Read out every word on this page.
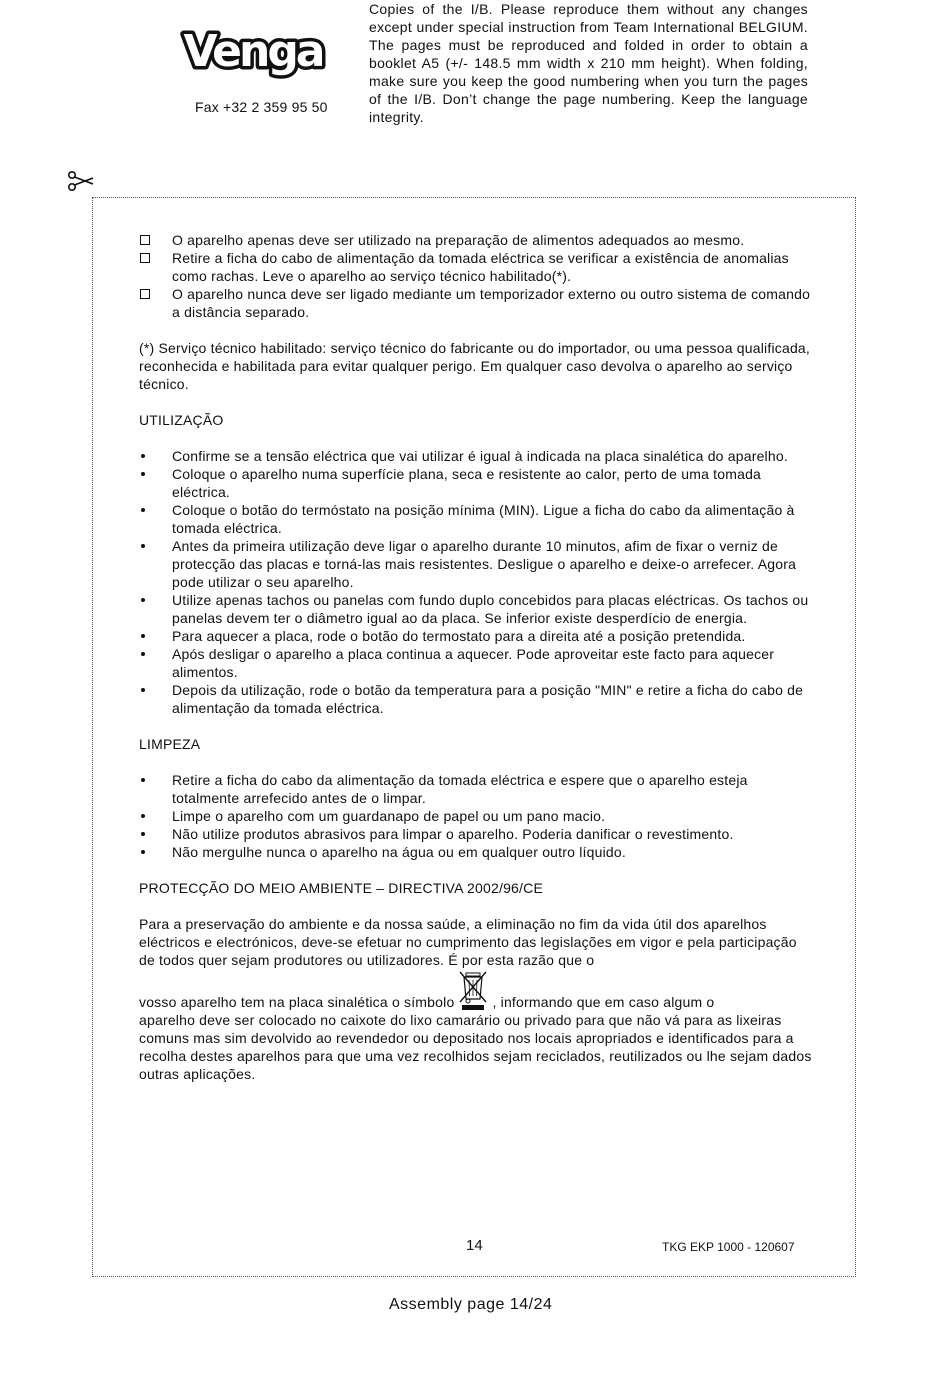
Venga
Fax +32 2 359 95 50
Copies of the I/B. Please reproduce them without any changes except under special instruction from Team International BELGIUM. The pages must be reproduced and folded in order to obtain a booklet A5 (+/- 148.5 mm width x 210 mm height). When folding, make sure you keep the good numbering when you turn the pages of the I/B. Don’t change the page numbering. Keep the language integrity.
O aparelho apenas deve ser utilizado na preparação de alimentos adequados ao mesmo.
Retire a ficha do cabo de alimentação da tomada eléctrica se verificar a existência de anomalias como rachas. Leve o aparelho ao serviço técnico habilitado(*).
O aparelho nunca deve ser ligado mediante um temporizador externo ou outro sistema de comando a distância separado.

(*) Serviço técnico habilitado: serviço técnico do fabricante ou do importador, ou uma pessoa qualificada, reconhecida e habilitada para evitar qualquer perigo. Em qualquer caso devolva o aparelho ao serviço técnico.

UTILIZAÇÃO

Confirme se a tensão eléctrica que vai utilizar é igual à indicada na placa sinalética do aparelho.
Coloque o aparelho numa superfície plana, seca e resistente ao calor, perto de uma tomada eléctrica.
Coloque o botão do termóstato na posição mínima (MIN). Ligue a ficha do cabo da alimentação à tomada eléctrica.
Antes da primeira utilização deve ligar o aparelho durante 10 minutos, afim de fixar o verniz de protecção das placas e torná-las mais resistentes. Desligue o aparelho e deixe-o arrefecer. Agora pode utilizar o seu aparelho.
Utilize apenas tachos ou panelas com fundo duplo concebidos para placas eléctricas. Os tachos ou panelas devem ter o diâmetro igual ao da placa. Se inferior existe desperdício de energia.
Para aquecer a placa, rode o botão do termostato para a direita até a posição pretendida.
Após desligar o aparelho a placa continua a aquecer. Pode aproveitar este facto para aquecer alimentos.
Depois da utilização, rode o botão da temperatura para a posição "MIN" e retire a ficha do cabo de alimentação da tomada eléctrica.

LIMPEZA

Retire a ficha do cabo da alimentação da tomada eléctrica e espere que o aparelho esteja totalmente arrefecido antes de o limpar.
Limpe o aparelho com um guardanapo de papel ou um pano macio.
Não utilize produtos abrasivos para limpar o aparelho. Poderia danificar o revestimento.
Não mergulhe nunca o aparelho na água ou em qualquer outro líquido.

PROTECÇÃO DO MEIO AMBIENTE – DIRECTIVA 2002/96/CE

Para a preservação do ambiente e da nossa saúde, a eliminação no fim da vida útil dos aparelhos eléctricos e electrónicos, deve-se efetuar no cumprimento das legislações em vigor e pela participação de todos quer sejam produtores ou utilizadores. É por esta razão que o

vosso aparelho tem na placa sinalética o símbolo	, informando que em caso algum o

aparelho deve ser colocado no caixote do lixo camarário ou privado para que não vá para as lixeiras comuns mas sim devolvido ao revendedor ou depositado nos locais apropriados e identificados para a recolha destes aparelhos para que uma vez recolhidos sejam reciclados, reutilizados ou lhe sejam dados outras aplicações.

14	TKG EKP 1000 - 120607
Assembly page 14/24
